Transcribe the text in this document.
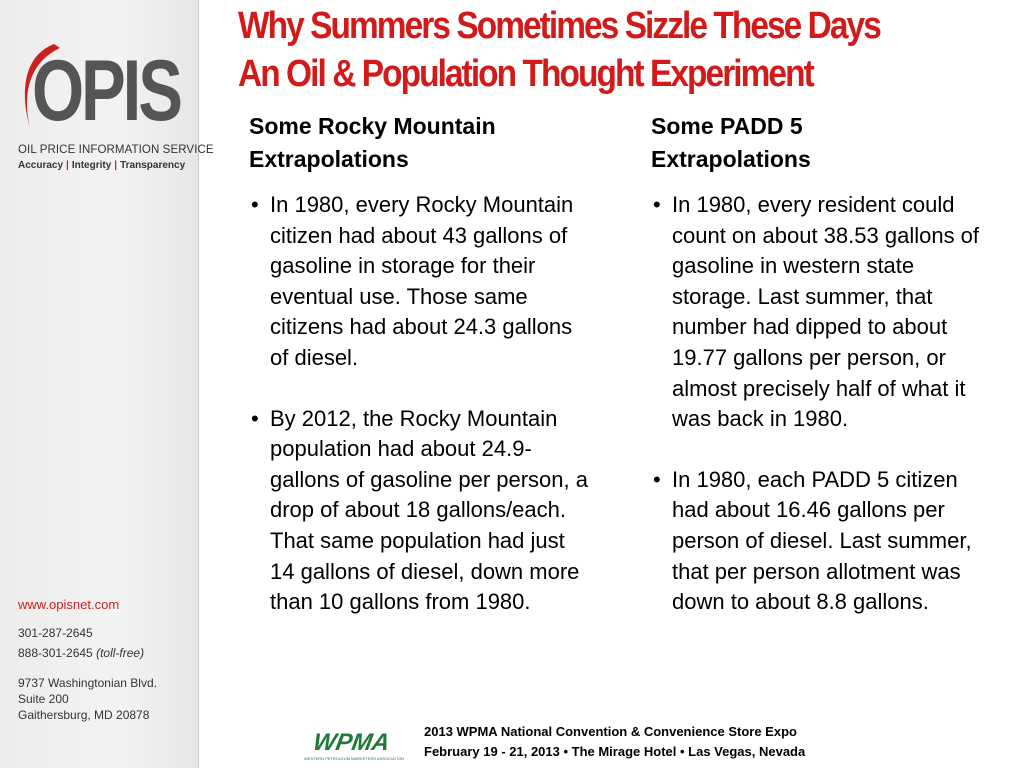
OPIS
OIL PRICE INFORMATION SERVICE
Accuracy | Integrity | Transparency
www.opisnet.com
301-287-2645
888-301-2645 (toll-free)
9737 Washingtonian Blvd.
Suite 200
Gaithersburg, MD 20878
Why Summers Sometimes Sizzle These Days
An Oil & Population Thought Experiment
Some Rocky Mountain
Extrapolations
• In 1980, every Rocky Mountain citizen had about 43 gallons of gasoline in storage for their eventual use. Those same citizens had about 24.3 gallons of diesel.
• By 2012, the Rocky Mountain population had about 24.9-gallons of gasoline per person, a drop of about 18 gallons/each. That same population had just 14 gallons of diesel, down more than 10 gallons from 1980.
Some PADD 5
Extrapolations
• In 1980, every resident could count on about 38.53 gallons of gasoline in western state storage. Last summer, that number had dipped to about 19.77 gallons per person, or almost precisely half of what it was back in 1980.
• In 1980, each PADD 5 citizen had about 16.46 gallons per person of diesel. Last summer, that per person allotment was down to about 8.8 gallons.
WPMA
WESTERN PETROLEUM MARKETERS ASSOCIATION
2013 WPMA National Convention & Convenience Store Expo
February 19 - 21, 2013 • The Mirage Hotel • Las Vegas, Nevada
